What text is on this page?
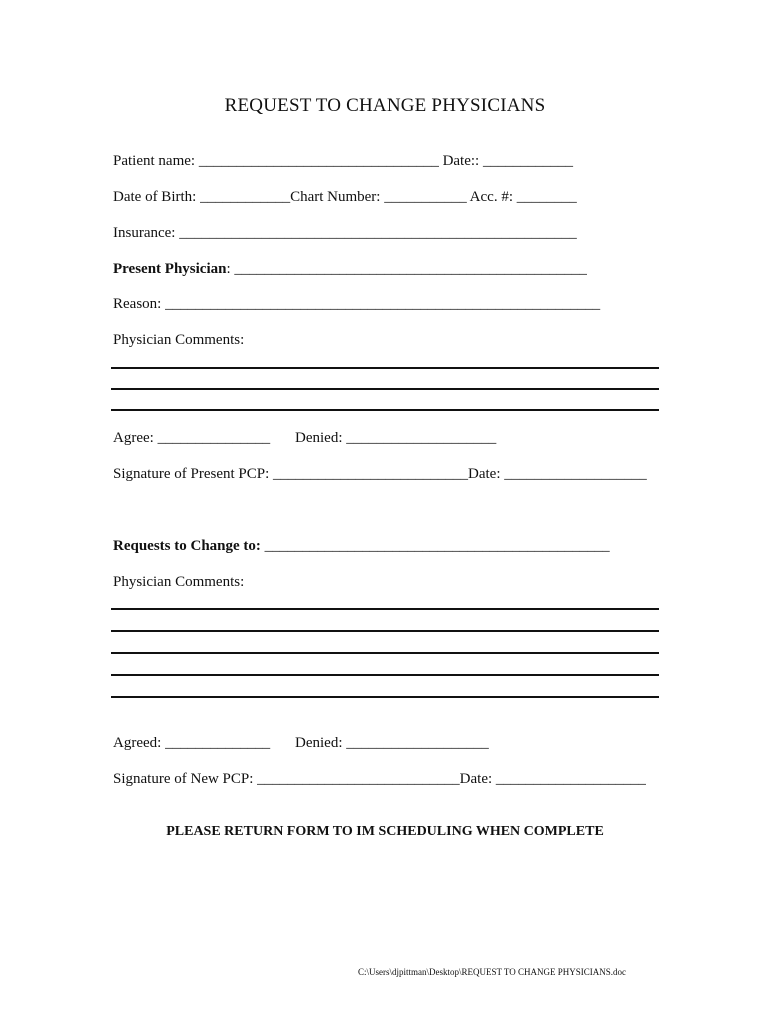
REQUEST TO CHANGE PHYSICIANS
Patient name: ________________________________ Date:: ____________
Date of Birth: ____________Chart Number: ___________ Acc. #: ________
Insurance: _____________________________________________________
Present Physician: _______________________________________________
Reason: __________________________________________________________
Physician Comments:
Agree: _______________ Denied: ____________________
Signature of Present PCP: __________________________Date: ___________________
Requests to Change to: ______________________________________________
Physician Comments:
Agreed: ______________ Denied: ___________________
Signature of New PCP: ___________________________Date: ____________________
PLEASE RETURN FORM TO IM SCHEDULING WHEN COMPLETE
C:\Users\djpittman\Desktop\REQUEST TO CHANGE PHYSICIANS.doc
